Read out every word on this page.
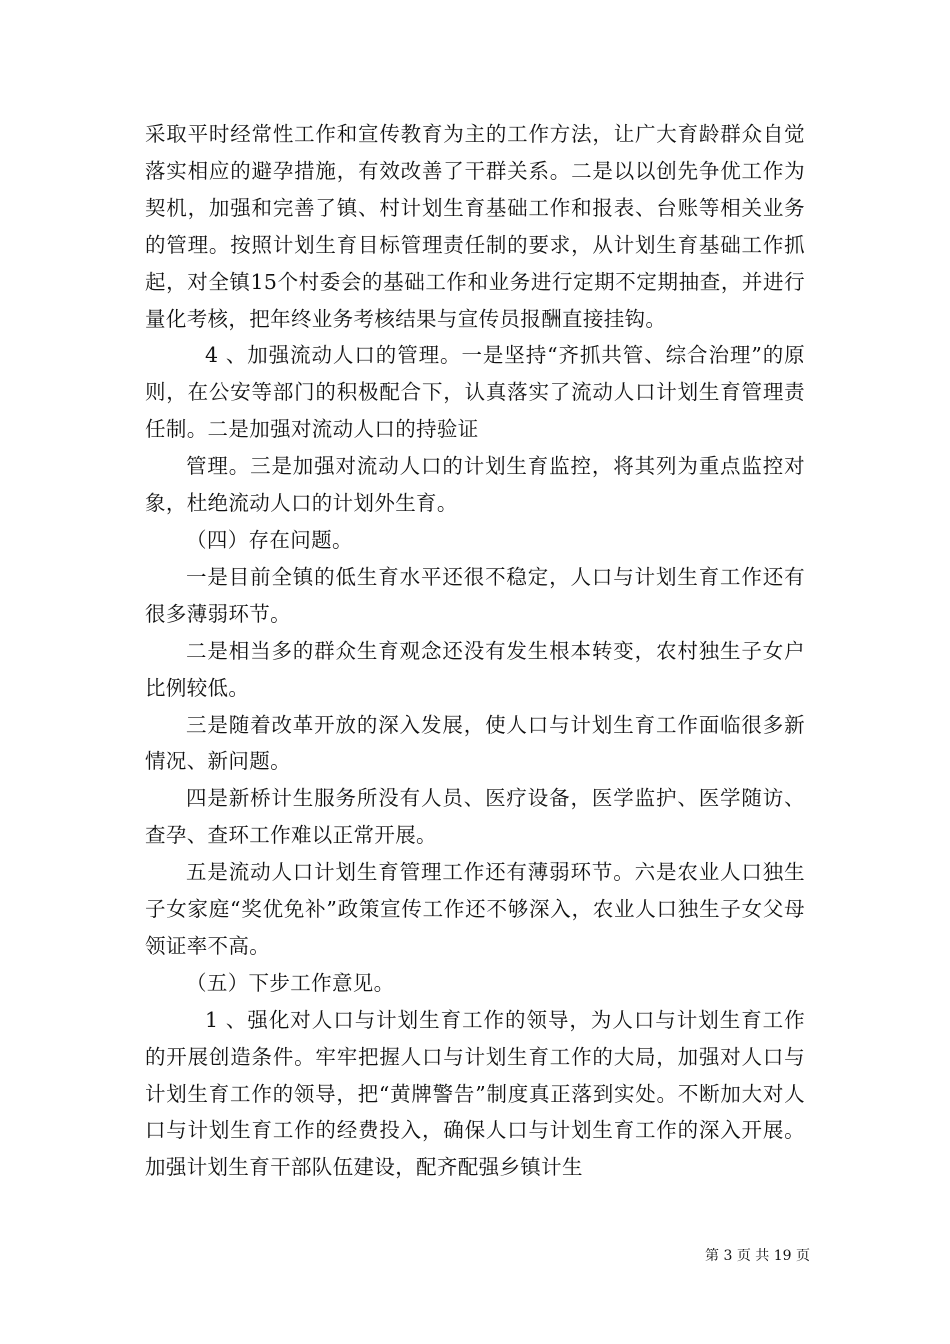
采取平时经常性工作和宣传教育为主的工作方法，让广大育龄群众自觉落实相应的避孕措施，有效改善了干群关系。二是以以创先争优工作为契机，加强和完善了镇、村计划生育基础工作和报表、台账等相关业务的管理。按照计划生育目标管理责任制的要求，从计划生育基础工作抓起，对全镇15个村委会的基础工作和业务进行定期不定期抽查，并进行量化考核，把年终业务考核结果与宣传员报酬直接挂钩。

4 、加强流动人口的管理。一是坚持“齐抓共管、综合治理”的原则，在公安等部门的积极配合下，认真落实了流动人口计划生育管理责任制。二是加强对流动人口的持验证

管理。三是加强对流动人口的计划生育监控，将其列为重点监控对象，杜绝流动人口的计划外生育。

（四）存在问题。

一是目前全镇的低生育水平还很不稳定，人口与计划生育工作还有很多薄弱环节。

二是相当多的群众生育观念还没有发生根本转变，农村独生子女户比例较低。

三是随着改革开放的深入发展，使人口与计划生育工作面临很多新情况、新问题。

四是新桥计生服务所没有人员、医疗设备，医学监护、医学随访、查孕、查环工作难以正常开展。

五是流动人口计划生育管理工作还有薄弱环节。六是农业人口独生子女家庭“奖优免补”政策宣传工作还不够深入，农业人口独生子女父母领证率不高。

（五）下步工作意见。

1 、强化对人口与计划生育工作的领导，为人口与计划生育工作的开展创造条件。牢牢把握人口与计划生育工作的大局，加强对人口与计划生育工作的领导，把“黄牌警告”制度真正落到实处。不断加大对人口与计划生育工作的经费投入，确保人口与计划生育工作的深入开展。加强计划生育干部队伍建设，配齐配强乡镇计生

第 3 页 共 19 页
